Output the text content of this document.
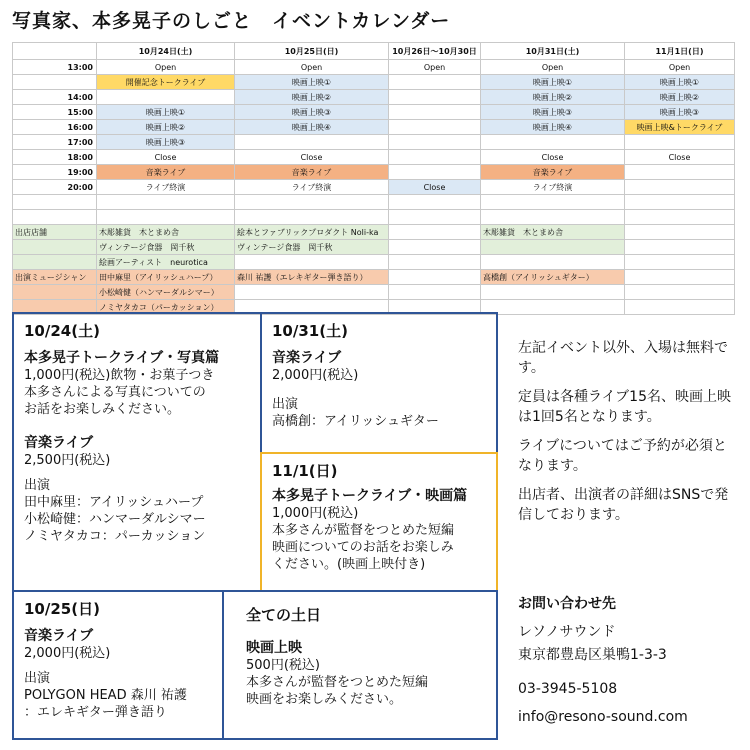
写真家、本多晃子のしごと　イベントカレンダー
	10月24日(土)	10月25日(日)	10月26日〜10月30日	10月31日(土)	11月1日(日)
13:00	Open	Open	Open	Open	Open
	開催記念トークライブ	映画上映①		映画上映①	映画上映①
14:00		映画上映②		映画上映②	映画上映②
15:00	映画上映①	映画上映③		映画上映③	映画上映③
16:00	映画上映②	映画上映④		映画上映④	映画上映&トークライブ
17:00	映画上映③				
18:00	Close	Close		Close	Close
19:00	音楽ライブ	音楽ライブ		音楽ライブ	
20:00	ライブ終演	ライブ終演	Close	ライブ終演	

出店店舗	木彫雑貨　木とまめ舎	絵本とファブリックプロダクト Noli-ka		木彫雑貨　木とまめ舎	
	ヴィンテージ食器　岡千秋	ヴィンテージ食器　岡千秋			
	絵画アーティスト　neurotica				
出演ミュージシャン	田中麻里（アイリッシュハープ）	森川 祐護（エレキギター弾き語り）		高橋創（アイリッシュギター）	
	小松崎健（ハンマーダルシマー）				
	ノミヤタカコ（パーカッション）				
10/24(土)
本多晃子トークライブ・写真篇
1,000円(税込)飲物・お菓子つき
本多さんによる写真についての
お話をお楽しみください。
音楽ライブ
2,500円(税込)
出演
田中麻里：アイリッシュハープ
小松崎健：ハンマーダルシマー
ノミヤタカコ：パーカッション
10/31(土)
音楽ライブ
2,000円(税込)
出演
高橋創：アイリッシュギター
11/1(日)
本多晃子トークライブ・映画篇
1,000円(税込)
本多さんが監督をつとめた短編
映画についてのお話をお楽しみ
ください。(映画上映付き)
10/25(日)
音楽ライブ
2,000円(税込)
出演
POLYGON HEAD 森川 祐護
：エレキギター弾き語り
全ての土日
映画上映
500円(税込)
本多さんが監督をつとめた短編
映画をお楽しみください。

左記イベント以外、入場は無料です。

定員は各種ライブ15名、映画上映は1回5名となります。

ライブについてはご予約が必須となります。

出店者、出演者の詳細はSNSで発信しております。

お問い合わせ先
レソノサウンド
東京都豊島区巣鴨1-3-3
03-3945-5108
info@resono-sound.com
